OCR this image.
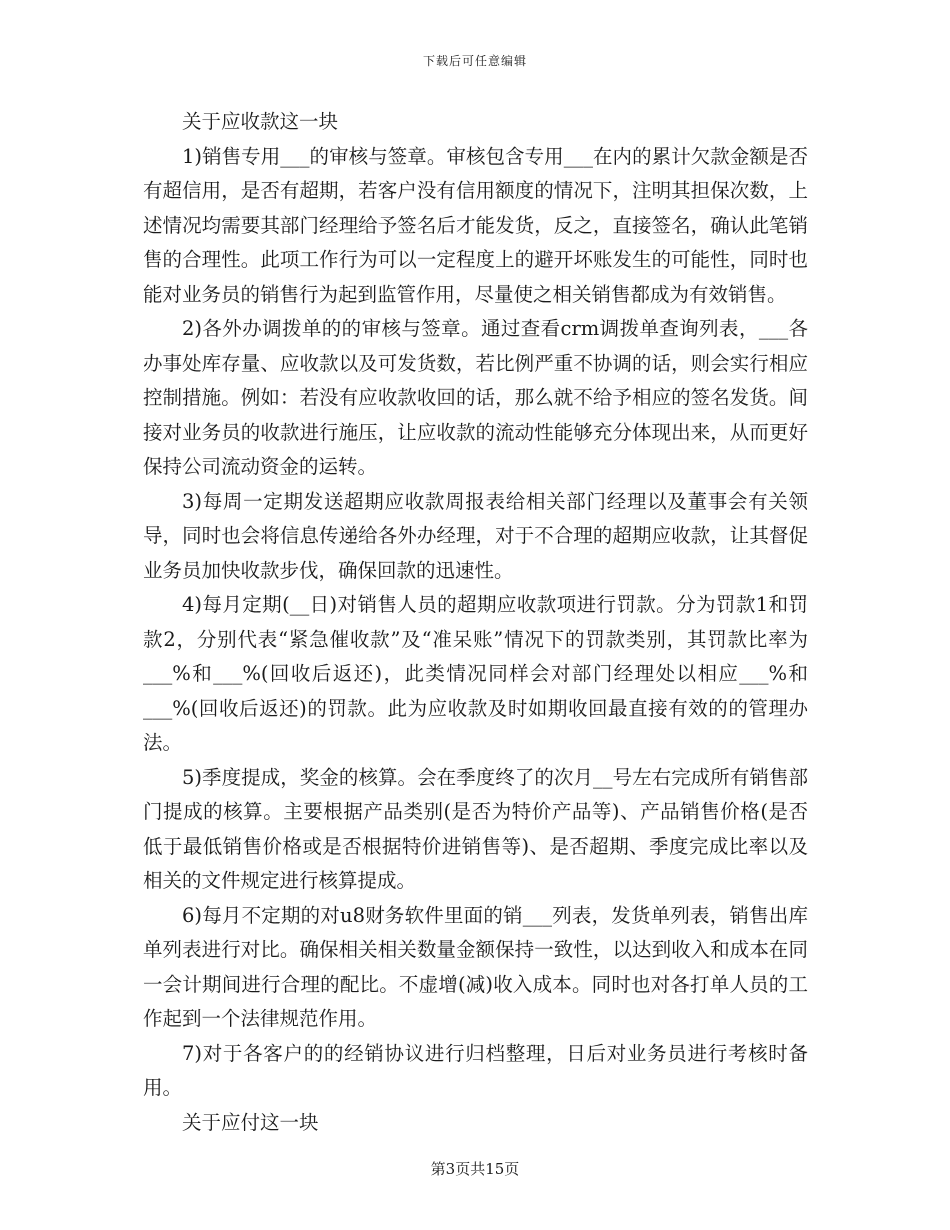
下载后可任意编辑

关于应收款这一块

1)销售专用___的审核与签章。审核包含专用___在内的累计欠款金额是否有超信用，是否有超期，若客户没有信用额度的情况下，注明其担保次数，上述情况均需要其部门经理给予签名后才能发货，反之，直接签名，确认此笔销售的合理性。此项工作行为可以一定程度上的避开坏账发生的可能性，同时也能对业务员的销售行为起到监管作用，尽量使之相关销售都成为有效销售。

2)各外办调拨单的的审核与签章。通过查看crm调拨单查询列表，___各办事处库存量、应收款以及可发货数，若比例严重不协调的话，则会实行相应控制措施。例如：若没有应收款收回的话，那么就不给予相应的签名发货。间接对业务员的收款进行施压，让应收款的流动性能够充分体现出来，从而更好保持公司流动资金的运转。

3)每周一定期发送超期应收款周报表给相关部门经理以及董事会有关领导，同时也会将信息传递给各外办经理，对于不合理的超期应收款，让其督促业务员加快收款步伐，确保回款的迅速性。

4)每月定期(__日)对销售人员的超期应收款项进行罚款。分为罚款1和罚款2，分别代表“紧急催收款”及“准呆账”情况下的罚款类别，其罚款比率为___%和___%(回收后返还)，此类情况同样会对部门经理处以相应___%和___%(回收后返还)的罚款。此为应收款及时如期收回最直接有效的的管理办法。

5)季度提成，奖金的核算。会在季度终了的次月__号左右完成所有销售部门提成的核算。主要根据产品类别(是否为特价产品等)、产品销售价格(是否低于最低销售价格或是否根据特价进销售等)、是否超期、季度完成比率以及相关的文件规定进行核算提成。

6)每月不定期的对u8财务软件里面的销___列表，发货单列表，销售出库单列表进行对比。确保相关相关数量金额保持一致性，以达到收入和成本在同一会计期间进行合理的配比。不虚增(减)收入成本。同时也对各打单人员的工作起到一个法律规范作用。

7)对于各客户的的经销协议进行归档整理，日后对业务员进行考核时备用。

关于应付这一块

第3页共15页
